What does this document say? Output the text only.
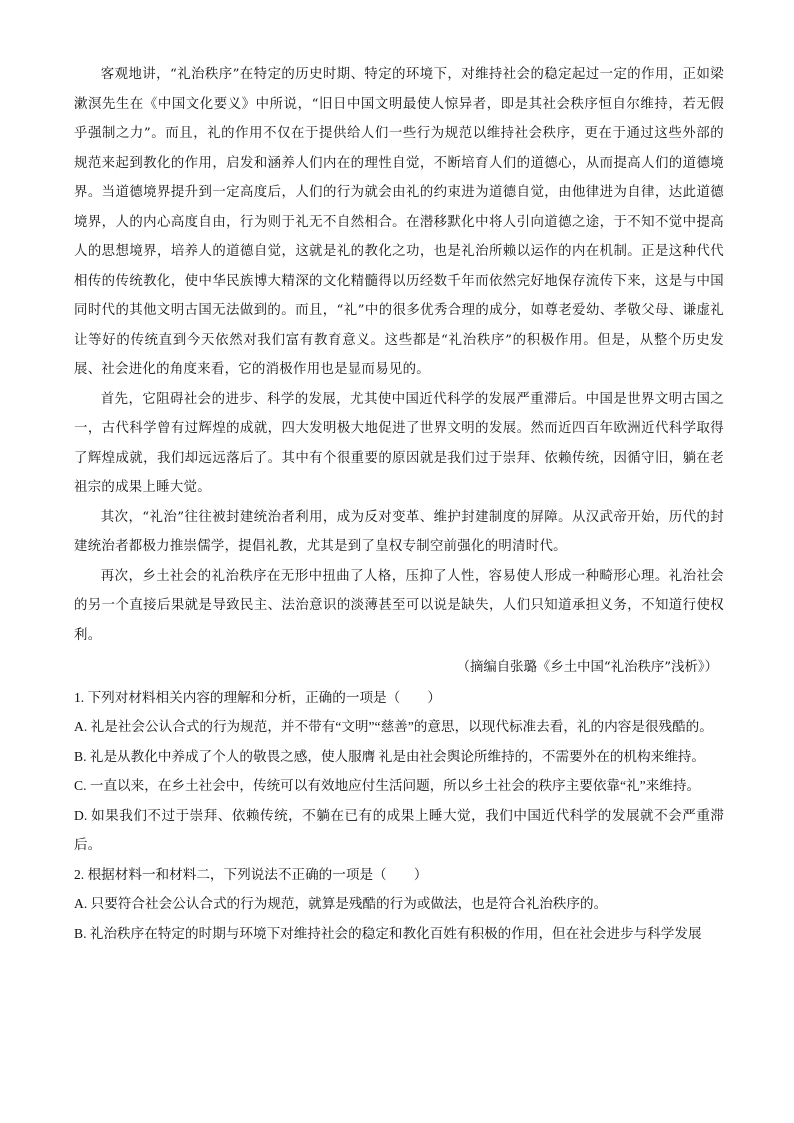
客观地讲，“礼治秩序”在特定的历史时期、特定的环境下，对维持社会的稳定起过一定的作用，正如梁漱溟先生在《中国文化要义》中所说，“旧日中国文明最使人惊异者，即是其社会秩序恒自尔维持，若无假乎强制之力”。而且，礼的作用不仅在于提供给人们一些行为规范以维持社会秩序，更在于通过这些外部的规范来起到教化的作用，启发和涵养人们内在的理性自觉，不断培育人们的道德心，从而提高人们的道德境界。当道德境界提升到一定高度后，人们的行为就会由礼的约束进为道德自觉，由他律进为自律，达此道德境界，人的内心高度自由，行为则于礼无不自然相合。在潜移默化中将人引向道德之途，于不知不觉中提高人的思想境界，培养人的道德自觉，这就是礼的教化之功，也是礼治所赖以运作的内在机制。正是这种代代相传的传统教化，使中华民族博大精深的文化精髓得以历经数千年而依然完好地保存流传下来，这是与中国同时代的其他文明古国无法做到的。而且，“礼”中的很多优秀合理的成分，如尊老爱幼、孝敬父母、谦虚礼让等好的传统直到今天依然对我们富有教育意义。这些都是“礼治秩序”的积极作用。但是，从整个历史发展、社会进化的角度来看，它的消极作用也是显而易见的。

首先，它阻碍社会的进步、科学的发展，尤其使中国近代科学的发展严重滞后。中国是世界文明古国之一，古代科学曾有过辉煌的成就，四大发明极大地促进了世界文明的发展。然而近四百年欧洲近代科学取得了辉煌成就，我们却远远落后了。其中有个很重要的原因就是我们过于崇拜、依赖传统，因循守旧，躺在老祖宗的成果上睡大觉。

其次，“礼治”往往被封建统治者利用，成为反对变革、维护封建制度的屏障。从汉武帝开始，历代的封建统治者都极力推崇儒学，提倡礼教，尤其是到了皇权专制空前强化的明清时代。

再次，乡土社会的礼治秩序在无形中扭曲了人格，压抑了人性，容易使人形成一种畸形心理。礼治社会的另一个直接后果就是导致民主、法治意识的淡薄甚至可以说是缺失，人们只知道承担义务，不知道行使权利。

（摘编自张璐《乡土中国“礼治秩序”浅析》）

1. 下列对材料相关内容的理解和分析，正确的一项是（　　）

A. 礼是社会公认合式的行为规范，并不带有“文明”“慈善”的意思，以现代标准去看，礼的内容是很残酷的。

B. 礼是从教化中养成了个人的敬畏之感，使人服膺 礼是由社会舆论所维持的，不需要外在的机构来维持。

C. 一直以来，在乡土社会中，传统可以有效地应付生活问题，所以乡土社会的秩序主要依靠“礼”来维持。

D. 如果我们不过于崇拜、依赖传统，不躺在已有的成果上睡大觉，我们中国近代科学的发展就不会严重滞后。

2. 根据材料一和材料二，下列说法不正确的一项是（　　）

A. 只要符合社会公认合式的行为规范，就算是残酷的行为或做法，也是符合礼治秩序的。

B. 礼治秩序在特定的时期与环境下对维持社会的稳定和教化百姓有积极的作用，但在社会进步与科学发展
